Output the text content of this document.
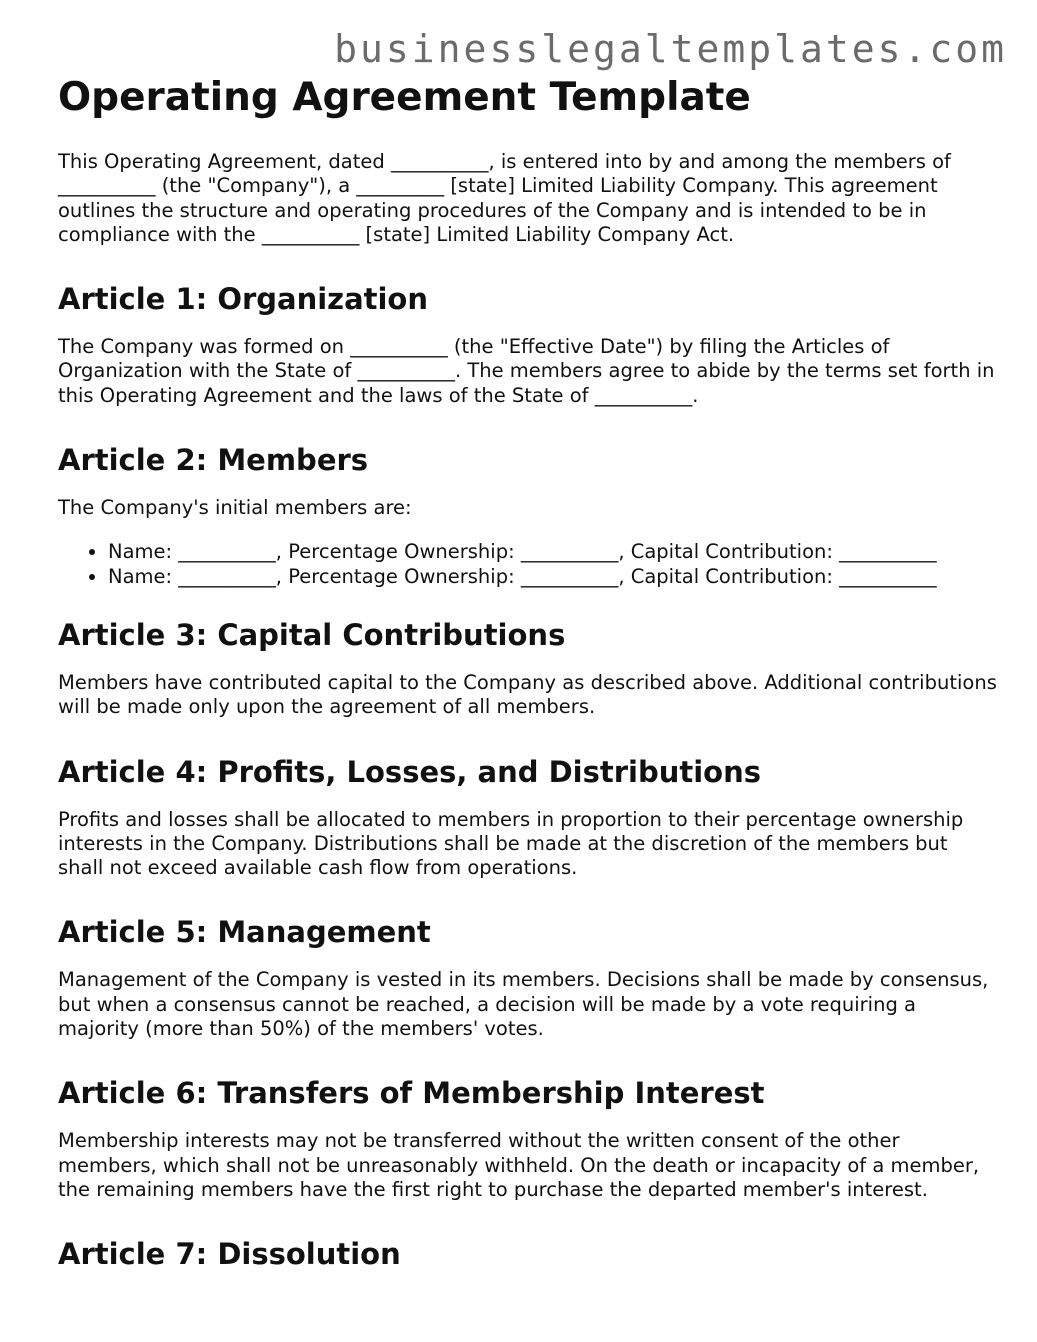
businesslegaltemplates.com
Operating Agreement Template

This Operating Agreement, dated __________, is entered into by and among the members of __________ (the "Company"), a _________ [state] Limited Liability Company. This agreement outlines the structure and operating procedures of the Company and is intended to be in compliance with the __________ [state] Limited Liability Company Act.

Article 1: Organization

The Company was formed on __________ (the "Effective Date") by filing the Articles of Organization with the State of __________. The members agree to abide by the terms set forth in this Operating Agreement and the laws of the State of __________.

Article 2: Members

The Company's initial members are:

• Name: __________, Percentage Ownership: __________, Capital Contribution: __________
• Name: __________, Percentage Ownership: __________, Capital Contribution: __________
Article 3: Capital Contributions

Members have contributed capital to the Company as described above. Additional contributions will be made only upon the agreement of all members.

Article 4: Profits, Losses, and Distributions

Profits and losses shall be allocated to members in proportion to their percentage ownership interests in the Company. Distributions shall be made at the discretion of the members but shall not exceed available cash flow from operations.

Article 5: Management

Management of the Company is vested in its members. Decisions shall be made by consensus, but when a consensus cannot be reached, a decision will be made by a vote requiring a majority (more than 50%) of the members' votes.

Article 6: Transfers of Membership Interest

Membership interests may not be transferred without the written consent of the other members, which shall not be unreasonably withheld. On the death or incapacity of a member, the remaining members have the first right to purchase the departed member's interest.

Article 7: Dissolution
